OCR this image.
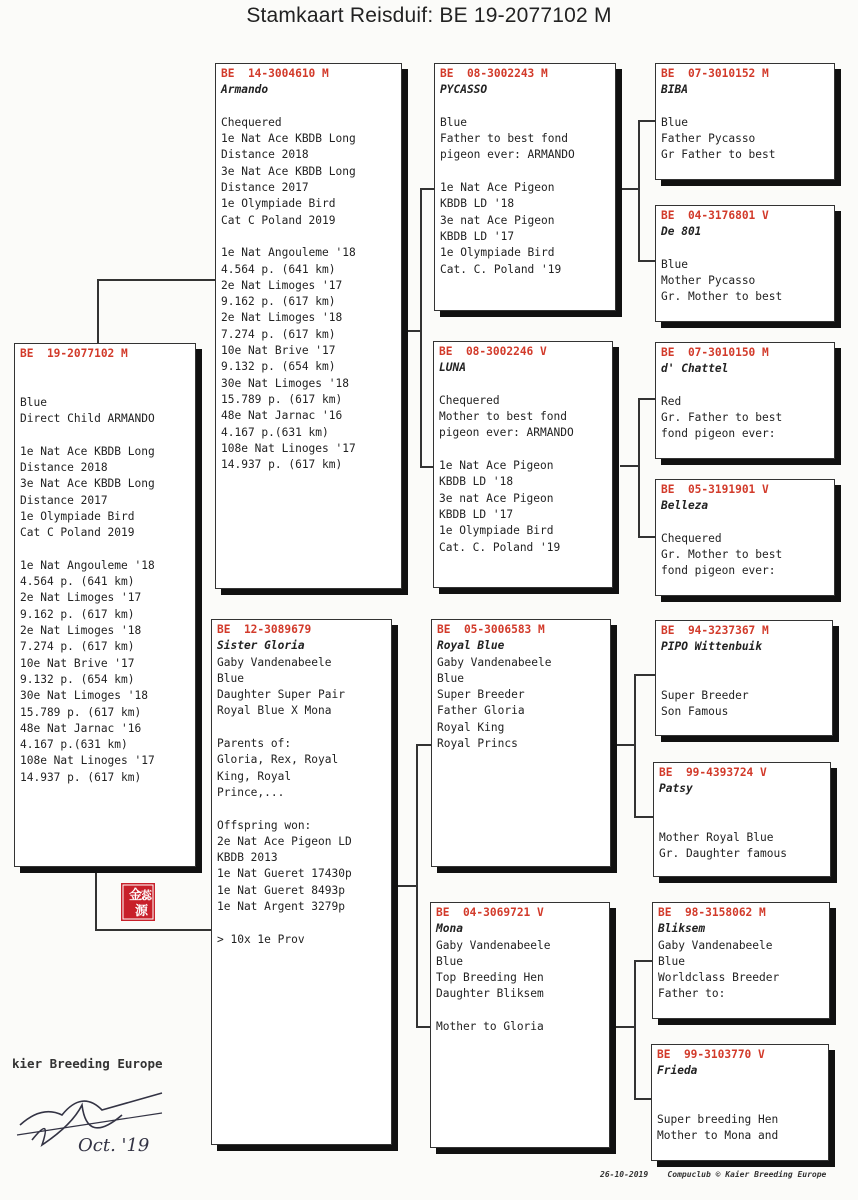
Stamkaart Reisduif: BE 19-2077102 M
BE  19-2077102 M
Blue
Direct Child ARMANDO
1e Nat Ace KBDB Long
Distance 2018
3e Nat Ace KBDB Long
Distance 2017
1e Olympiade Bird
Cat C Poland 2019
1e Nat Angouleme '18
4.564 p. (641 km)
2e Nat Limoges '17
9.162 p. (617 km)
2e Nat Limoges '18
7.274 p. (617 km)
10e Nat Brive '17
9.132 p. (654 km)
30e Nat Limoges '18
15.789 p. (617 km)
48e Nat Jarnac '16
4.167 p.(631 km)
108e Nat Linoges '17
14.937 p. (617 km)
BE  14-3004610 M
Armando
Chequered
1e Nat Ace KBDB Long
Distance 2018
3e Nat Ace KBDB Long
Distance 2017
1e Olympiade Bird
Cat C Poland 2019
1e Nat Angouleme '18
4.564 p. (641 km)
2e Nat Limoges '17
9.162 p. (617 km)
2e Nat Limoges '18
7.274 p. (617 km)
10e Nat Brive '17
9.132 p. (654 km)
30e Nat Limoges '18
15.789 p. (617 km)
48e Nat Jarnac '16
4.167 p.(631 km)
108e Nat Linoges '17
14.937 p. (617 km)
BE  12-3089679
Sister Gloria
Gaby Vandenabeele
Blue
Daughter Super Pair
Royal Blue X Mona
Parents of:
Gloria, Rex, Royal
King, Royal
Prince,...
Offspring won:
2e Nat Ace Pigeon LD
KBDB 2013
1e Nat Gueret 17430p
1e Nat Gueret 8493p
1e Nat Argent 3279p
> 10x 1e Prov
BE  08-3002243 M
PYCASSO
Blue
Father to best fond
pigeon ever: ARMANDO
1e Nat Ace Pigeon
KBDB LD '18
3e nat Ace Pigeon
KBDB LD '17
1e Olympiade Bird
Cat. C. Poland '19
BE  08-3002246 V
LUNA
Chequered
Mother to best fond
pigeon ever: ARMANDO
1e Nat Ace Pigeon
KBDB LD '18
3e nat Ace Pigeon
KBDB LD '17
1e Olympiade Bird
Cat. C. Poland '19
BE  05-3006583 M
Royal Blue
Gaby Vandenabeele
Blue
Super Breeder
Father Gloria
Royal King
Royal Princs
BE  04-3069721 V
Mona
Gaby Vandenabeele
Blue
Top Breeding Hen
Daughter Bliksem
Mother to Gloria
BE  07-3010152 M
BIBA
Blue
Father Pycasso
Gr Father to best
BE  04-3176801 V
De 801
Blue
Mother Pycasso
Gr. Mother to best
BE  07-3010150 M
d' Chattel
Red
Gr. Father to best
fond pigeon ever:
BE  05-3191901 V
Belleza
Chequered
Gr. Mother to best
fond pigeon ever:
BE  94-3237367 M
PIPO Wittenbuik
Super Breeder
Son Famous
BE  99-4393724 V
Patsy
Mother Royal Blue
Gr. Daughter famous
BE  98-3158062 M
Bliksem
Gaby Vandenabeele
Blue
Worldclass Breeder
Father to:
BE  99-3103770 V
Frieda
Super breeding Hen
Mother to Mona and
金
蕊
源
kier Breeding Europe
Oct. '19
26-10-2019    Compuclub © Kaier Breeding Europe
